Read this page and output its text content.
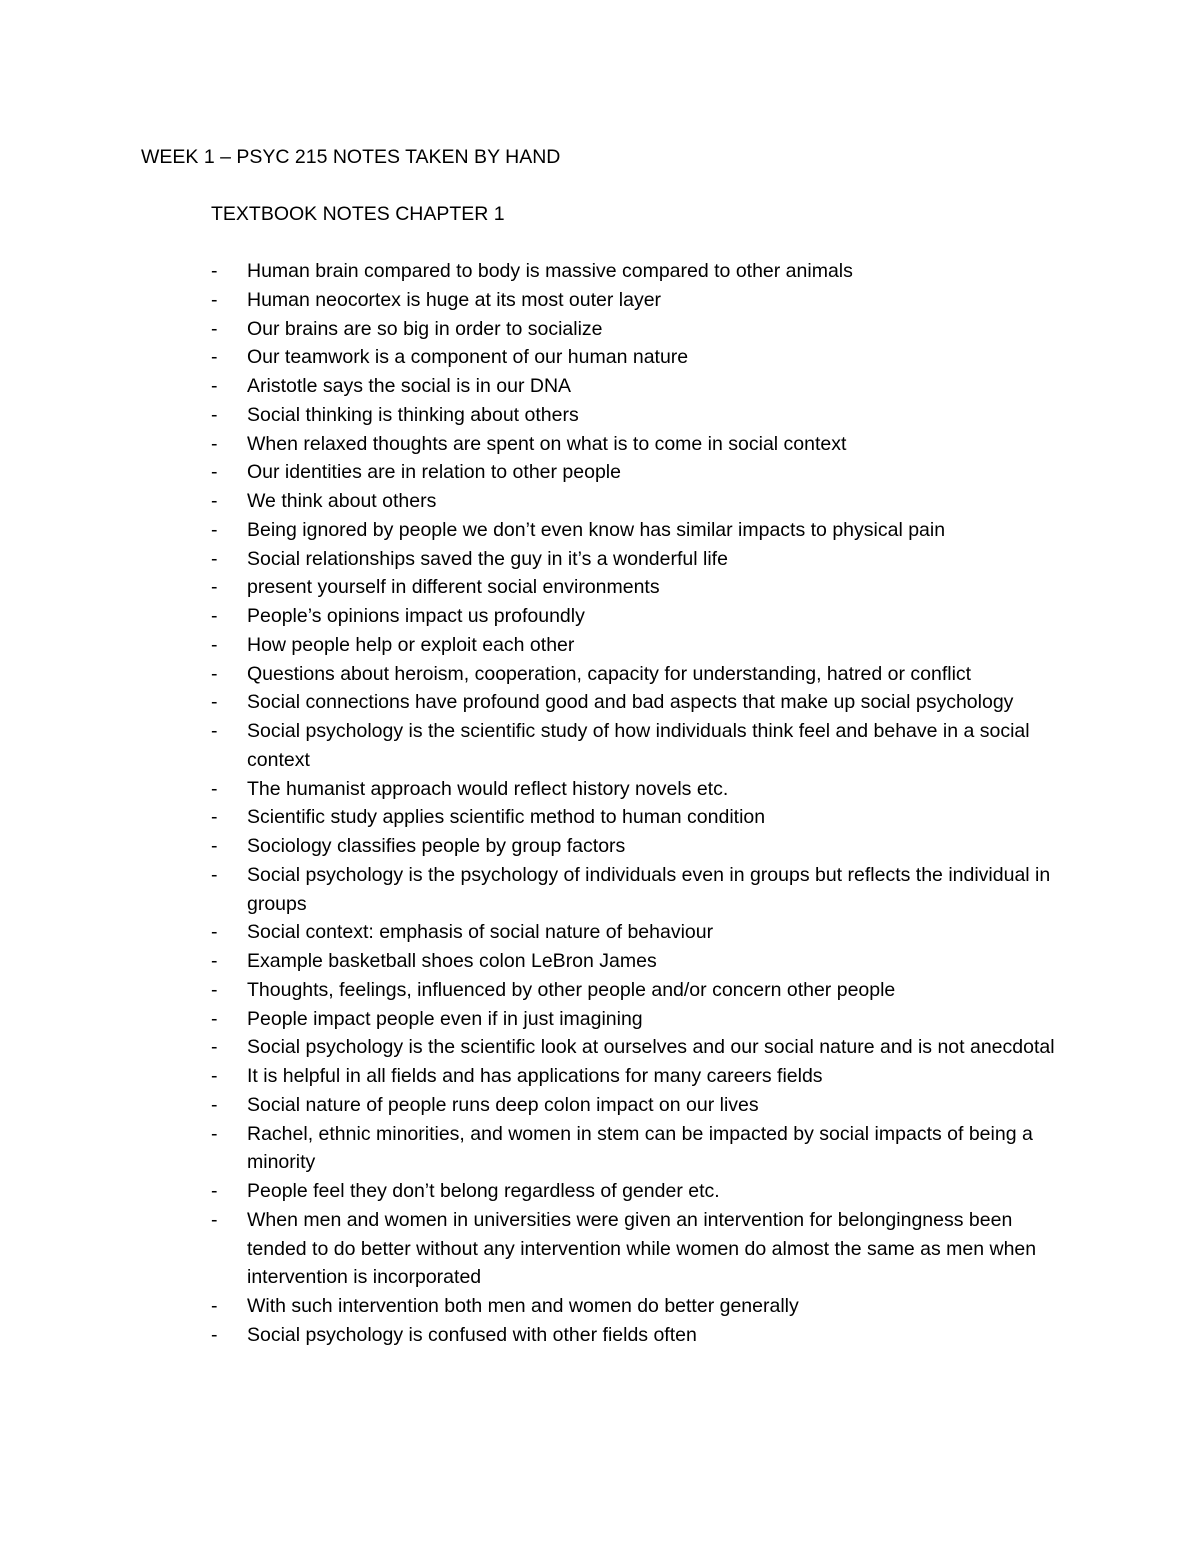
WEEK 1 – PSYC 215 NOTES TAKEN BY HAND
TEXTBOOK NOTES CHAPTER 1
-	Human brain compared to body is massive compared to other animals
-	Human neocortex is huge at its most outer layer
-	Our brains are so big in order to socialize
-	Our teamwork is a component of our human nature
-	Aristotle says the social is in our DNA
-	Social thinking is thinking about others
-	When relaxed thoughts are spent on what is to come in social context
-	Our identities are in relation to other people
-	We think about others
-	Being ignored by people we don’t even know has similar impacts to physical pain
-	Social relationships saved the guy in it’s a wonderful life
-	present yourself in different social environments
-	People’s opinions impact us profoundly
-	How people help or exploit each other
-	Questions about heroism, cooperation, capacity for understanding, hatred or conflict
-	Social connections have profound good and bad aspects that make up social psychology
-	Social psychology is the scientific study of how individuals think feel and behave in a social context
-	The humanist approach would reflect history novels etc.
-	Scientific study applies scientific method to human condition
-	Sociology classifies people by group factors
-	Social psychology is the psychology of individuals even in groups but reflects the individual in groups
-	Social context: emphasis of social nature of behaviour
-	Example basketball shoes colon LeBron James
-	Thoughts, feelings, influenced by other people and/or concern other people
-	People impact people even if in just imagining
-	Social psychology is the scientific look at ourselves and our social nature and is not anecdotal
-	It is helpful in all fields and has applications for many careers fields
-	Social nature of people runs deep colon impact on our lives
-	Rachel, ethnic minorities, and women in stem can be impacted by social impacts of being a minority
-	People feel they don’t belong regardless of gender etc.
-	When men and women in universities were given an intervention for belongingness been tended to do better without any intervention while women do almost the same as men when intervention is incorporated
-	With such intervention both men and women do better generally
-	Social psychology is confused with other fields often
